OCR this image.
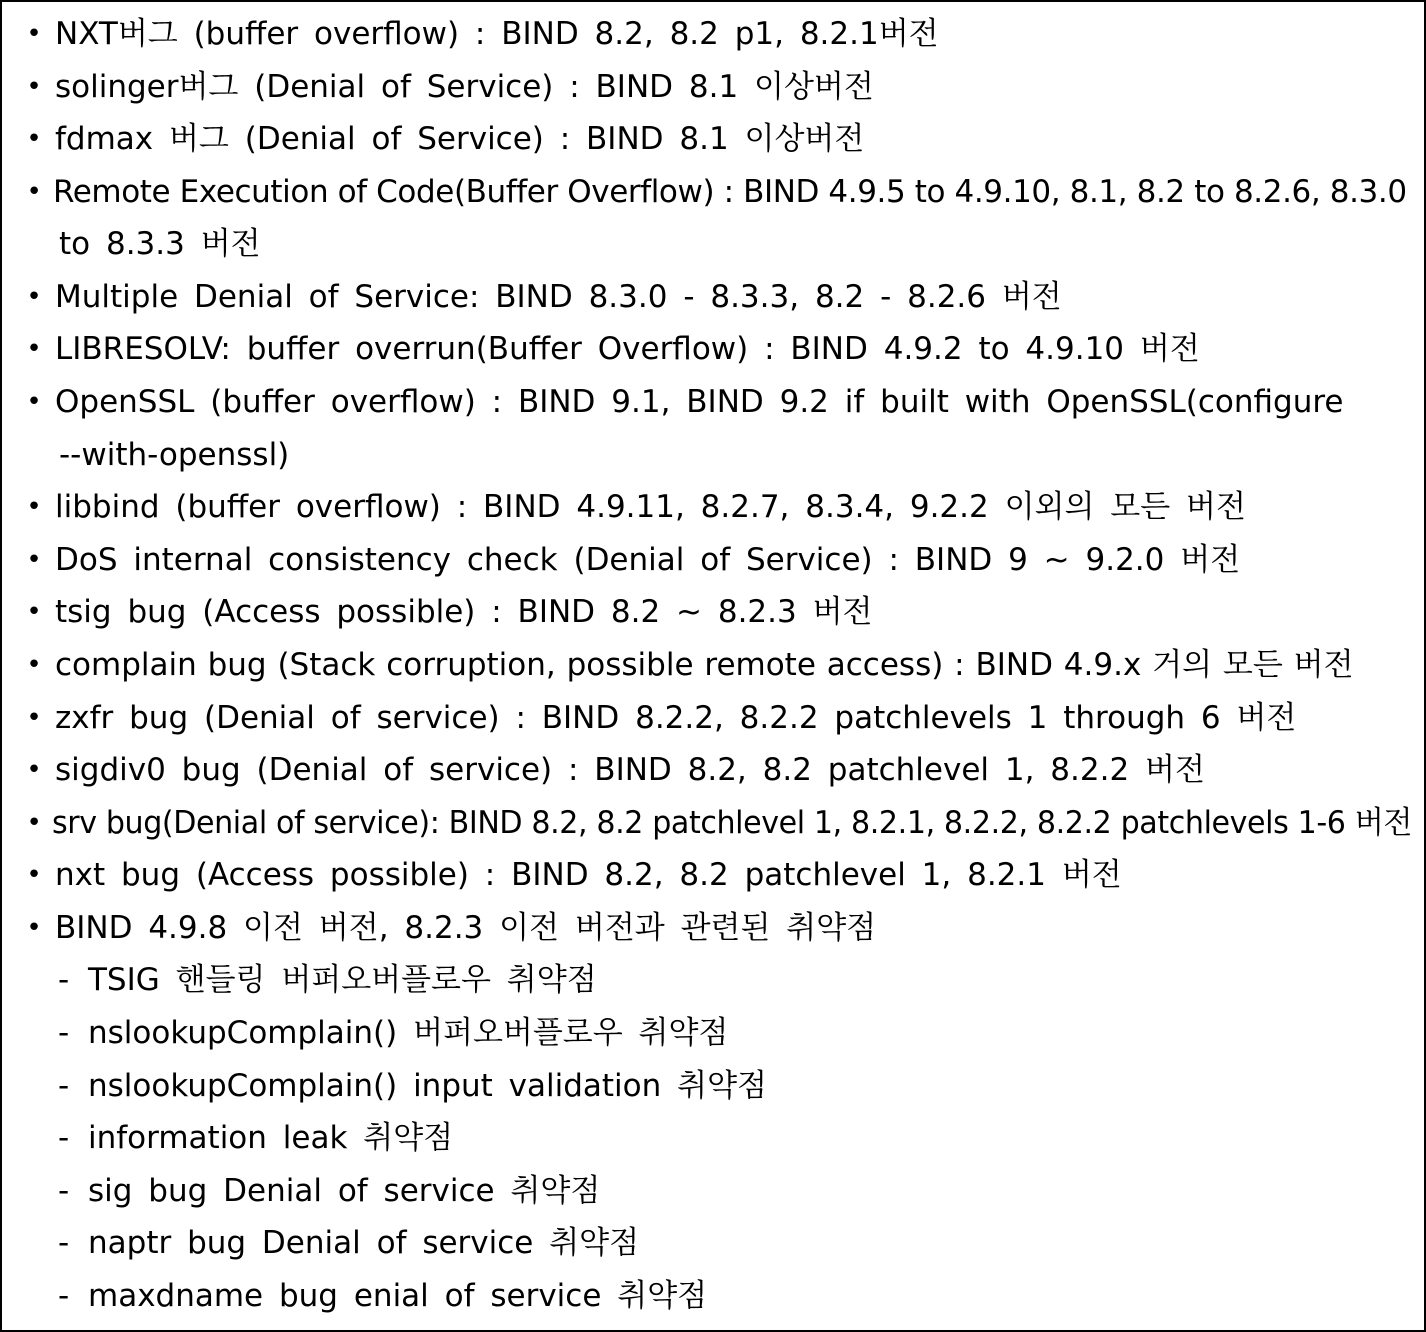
• NXT버그 (buffer overflow) : BIND 8.2, 8.2 p1, 8.2.1버전
• solinger버그 (Denial of Service) : BIND 8.1 이상버전
• fdmax 버그 (Denial of Service) : BIND 8.1 이상버전
• Remote Execution of Code(Buffer Overflow) : BIND 4.9.5 to 4.9.10, 8.1, 8.2 to 8.2.6, 8.3.0
to 8.3.3 버전
• Multiple Denial of Service: BIND 8.3.0 - 8.3.3, 8.2 - 8.2.6 버전
• LIBRESOLV: buffer overrun(Buffer Overflow) : BIND 4.9.2 to 4.9.10 버전
• OpenSSL (buffer overflow) : BIND 9.1, BIND 9.2 if built with OpenSSL(configure
--with-openssl)
• libbind (buffer overflow) : BIND 4.9.11, 8.2.7, 8.3.4, 9.2.2 이외의 모든 버전
• DoS internal consistency check (Denial of Service) : BIND 9 ~ 9.2.0 버전
• tsig bug (Access possible) : BIND 8.2 ~ 8.2.3 버전
• complain bug (Stack corruption, possible remote access) : BIND 4.9.x 거의 모든 버전
• zxfr bug (Denial of service) : BIND 8.2.2, 8.2.2 patchlevels 1 through 6 버전
• sigdiv0 bug (Denial of service) : BIND 8.2, 8.2 patchlevel 1, 8.2.2 버전
• srv bug(Denial of service): BIND 8.2, 8.2 patchlevel 1, 8.2.1, 8.2.2, 8.2.2 patchlevels 1-6 버전
• nxt bug (Access possible) : BIND 8.2, 8.2 patchlevel 1, 8.2.1 버전
• BIND 4.9.8 이전 버전, 8.2.3 이전 버전과 관련된 취약점
- TSIG 핸들링 버퍼오버플로우 취약점
- nslookupComplain() 버퍼오버플로우 취약점
- nslookupComplain() input validation 취약점
- information leak 취약점
- sig bug Denial of service 취약점
- naptr bug Denial of service 취약점
- maxdname bug enial of service 취약점
